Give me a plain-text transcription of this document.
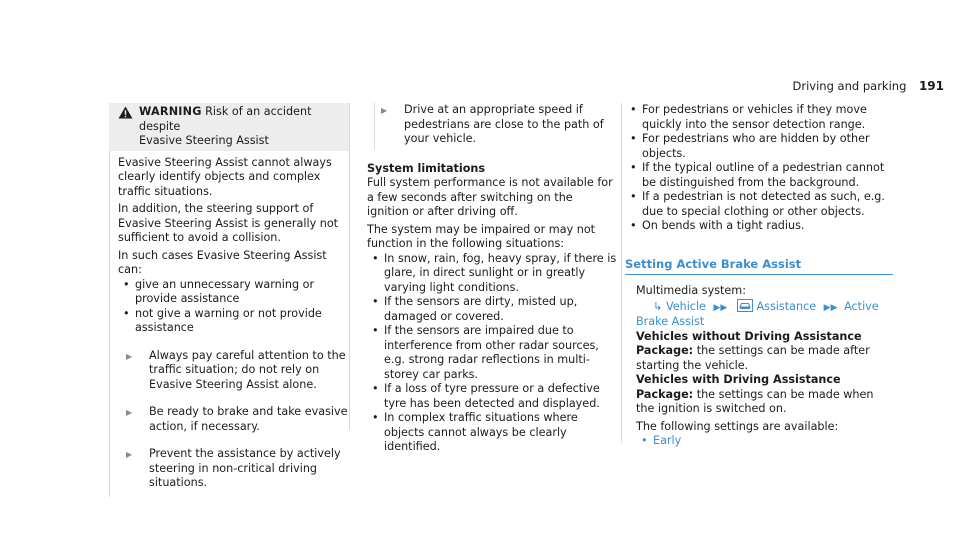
Driving and parking 191
WARNING Risk of an accident despite
Evasive Steering Assist

Evasive Steering Assist cannot always clearly identify objects and complex traffic situations.

In addition, the steering support of Evasive Steering Assist is generally not sufficient to avoid a collision.

In such cases Evasive Steering Assist can:

• give an unnecessary warning or provide assistance
• not give a warning or not provide assistance
▶	Always pay careful attention to the traffic situation; do not rely on Evasive Steering Assist alone.
▶	Be ready to brake and take evasive action, if necessary.
▶	Prevent the assistance by actively steering in non-critical driving situations.
▶	Drive at an appropriate speed if pedestrians are close to the path of your vehicle.
System limitations

Full system performance is not available for a few seconds after switching on the ignition or after driving off.

The system may be impaired or may not function in the following situations:

• In snow, rain, fog, heavy spray, if there is glare, in direct sunlight or in greatly varying light conditions.
• If the sensors are dirty, misted up, damaged or covered.
• If the sensors are impaired due to interference from other radar sources, e.g. strong radar reflections in multi-storey car parks.
• If a loss of tyre pressure or a defective tyre has been detected and displayed.
• In complex traffic situations where objects cannot always be clearly identified.
• For pedestrians or vehicles if they move quickly into the sensor detection range.
• For pedestrians who are hidden by other objects.
• If the typical outline of a pedestrian cannot be distinguished from the background.
• If a pedestrian is not detected as such, e.g. due to special clothing or other objects.
• On bends with a tight radius.
Setting Active Brake Assist

Multimedia system:

↳ Vehicle ▶▶	Assistance ▶▶ Active

Brake Assist

Vehicles without Driving Assistance Package: the settings can be made after starting the vehicle.

Vehicles with Driving Assistance Package: the settings can be made when the ignition is switched on.

The following settings are available:

• Early
